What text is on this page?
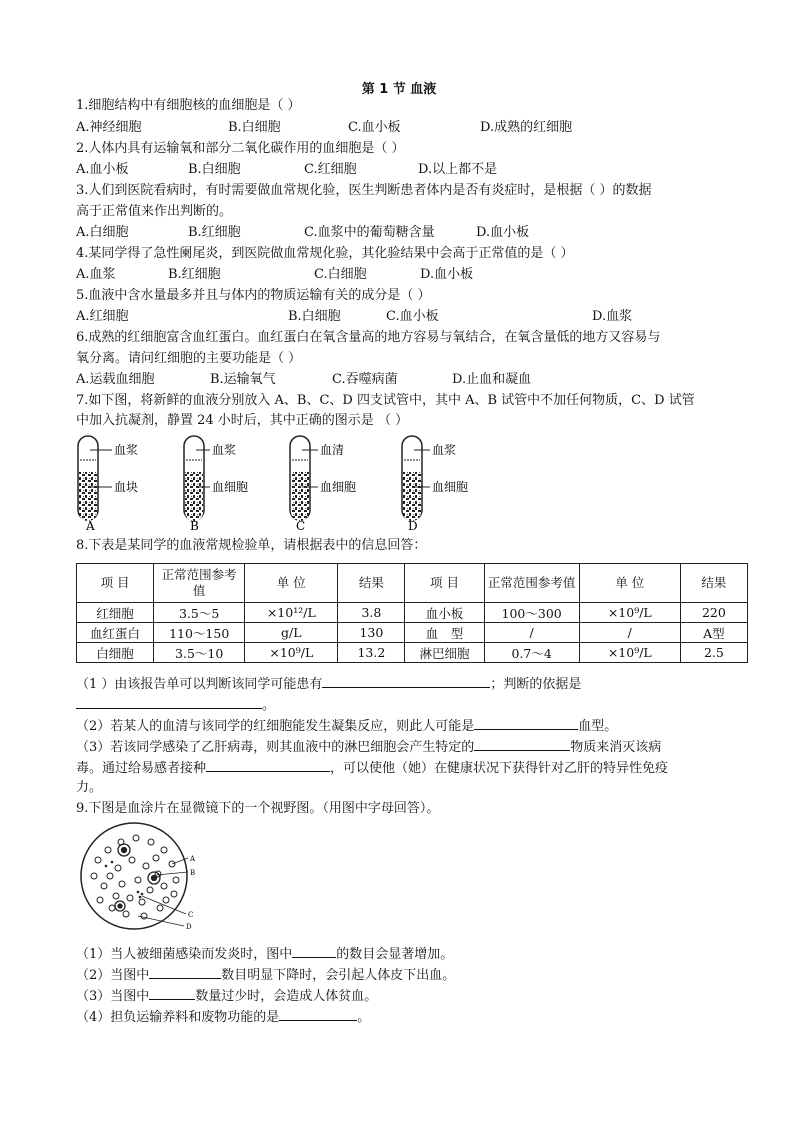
第 1 节 血液
1.细胞结构中有细胞核的血细胞是（ ）
A.神经细胞	B.白细胞	C.血小板	D.成熟的红细胞
2.人体内具有运输氧和部分二氧化碳作用的血细胞是（ ）
A.血小板	B.白细胞	C.红细胞	D.以上都不是
3.人们到医院看病时，有时需要做血常规化验，医生判断患者体内是否有炎症时，是根据（ ）的数据
高于正常值来作出判断的。
A.白细胞	B.红细胞	C.血浆中的葡萄糖含量	D.血小板
4.某同学得了急性阑尾炎，到医院做血常规化验，其化验结果中会高于正常值的是（ ）
A.血浆	B.红细胞	C.白细胞	D.血小板
5.血液中含水量最多并且与体内的物质运输有关的成分是（ ）
A.红细胞	B.白细胞	C.血小板	D.血浆
6.成熟的红细胞富含血红蛋白。血红蛋白在氧含量高的地方容易与氧结合，在氧含量低的地方又容易与
氧分离。请问红细胞的主要功能是（ ）
A.运载血细胞	B.运输氧气	C.吞噬病菌	D.止血和凝血
7.如下图，将新鲜的血液分别放入 A、B、C、D 四支试管中，其中 A、B 试管中不加任何物质，C、D 试管
中加入抗凝剂，静置 24 小时后，其中正确的图示是 （ ）
血浆
血块
A
血浆
血细胞
B
血清
血细胞
C
血浆
血细胞
D
8.下表是某同学的血液常规检验单，请根据表中的信息回答：
项 目	正常范围参考值	单 位	结果	项 目	正常范围参考值	单 位	结果
红细胞	3.5～5	×10¹²/L	3.8	血小板	100～300	×10⁹/L	220
血红蛋白	110～150	g/L	130	血　型	/	/	A型
白细胞	3.5～10	×10⁹/L	13.2	淋巴细胞	0.7～4	×10⁹/L	2.5
（1 ）由该报告单可以判断该同学可能患有	；判断的依据是
。
（2）若某人的血清与该同学的红细胞能发生凝集反应，则此人可能是	血型。
（3）若该同学感染了乙肝病毒，则其血液中的淋巴细胞会产生特定的	物质来消灭该病
毒。通过给易感者接种	，可以使他（她）在健康状况下获得针对乙肝的特异性免疫
力。
9.下图是血涂片在显微镜下的一个视野图。（用图中字母回答）。
A
B
C
D
（1）当人被细菌感染而发炎时，图中	的数目会显著增加。
（2）当图中	数目明显下降时，会引起人体皮下出血。
（3）当图中	数量过少时，会造成人体贫血。
（4）担负运输养料和废物功能的是	。
